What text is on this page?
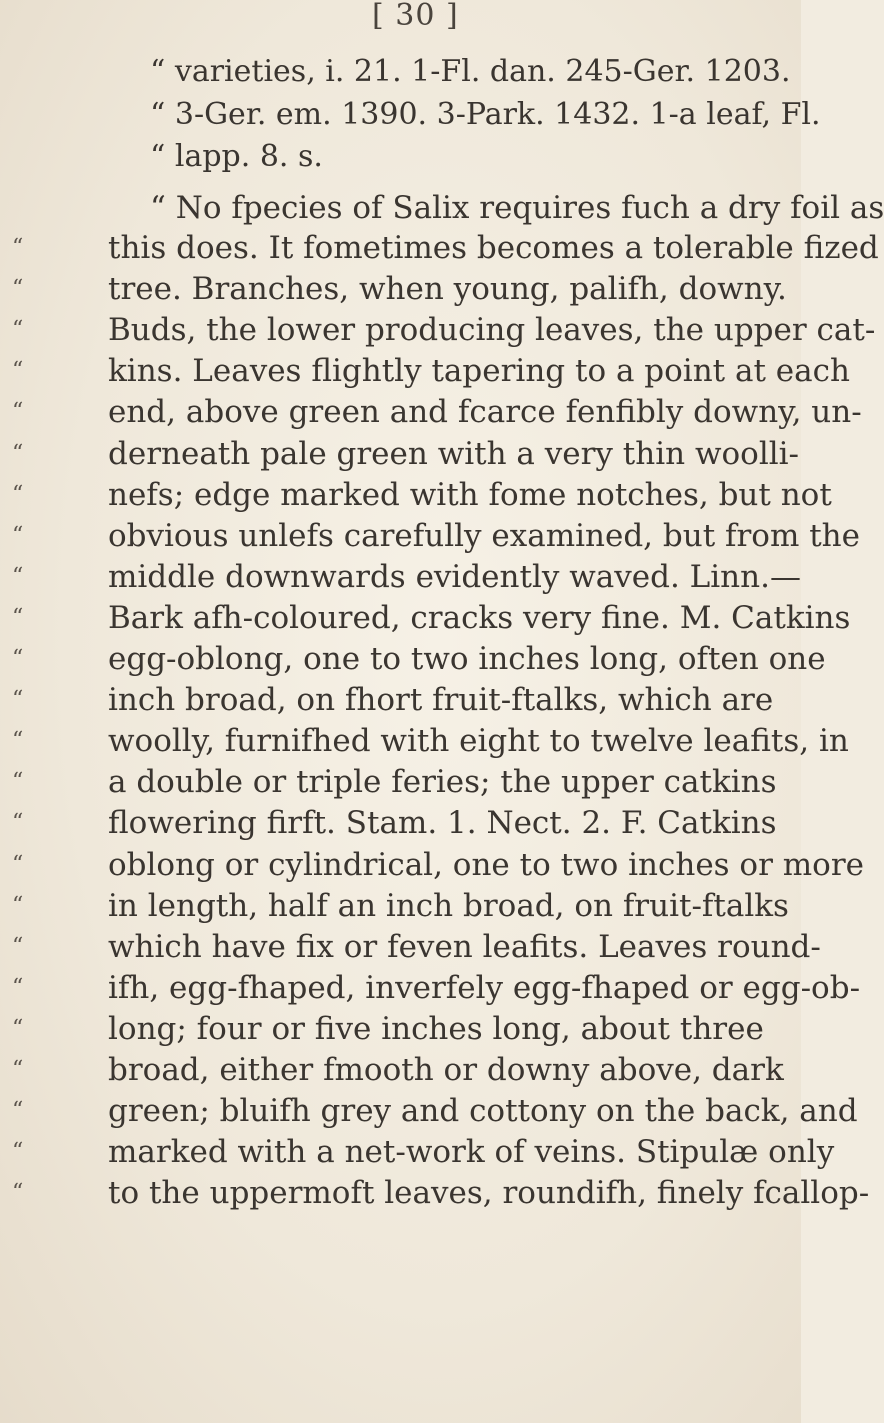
[ 30 ]
“ varieties, i. 21. 1-Fl. dan. 245-Ger. 1203.
“ 3-Ger. em. 1390. 3-Park. 1432. 1-a leaf, Fl.
“ lapp. 8. s.
“ No fpecies of Salix requires fuch a dry foil as
“	this does. It fometimes becomes a tolerable fized
“	tree. Branches, when young, palifh, downy.
“	Buds, the lower producing leaves, the upper cat-
“	kins. Leaves flightly tapering to a point at each
“	end, above green and fcarce fenfibly downy, un-
“	derneath pale green with a very thin woolli-
“	nefs; edge marked with fome notches, but not
“	obvious unlefs carefully examined, but from the
“	middle downwards evidently waved. Linn.—
“	Bark afh-coloured, cracks very fine. M. Catkins
“	egg-oblong, one to two inches long, often one
“	inch broad, on fhort fruit-ftalks, which are
“	woolly, furnifhed with eight to twelve leafits, in
“	a double or triple feries; the upper catkins
“	flowering firft. Stam. 1. Nect. 2. F. Catkins
“	oblong or cylindrical, one to two inches or more
“	in length, half an inch broad, on fruit-ftalks
“	which have fix or feven leafits. Leaves round-
“	ifh, egg-fhaped, inverfely egg-fhaped or egg-ob-
“	long; four or five inches long, about three
“	broad, either fmooth or downy above, dark
“	green; bluifh grey and cottony on the back, and
“	marked with a net-work of veins. Stipulæ only
“	to the uppermoft leaves, roundifh, finely fcallop-
